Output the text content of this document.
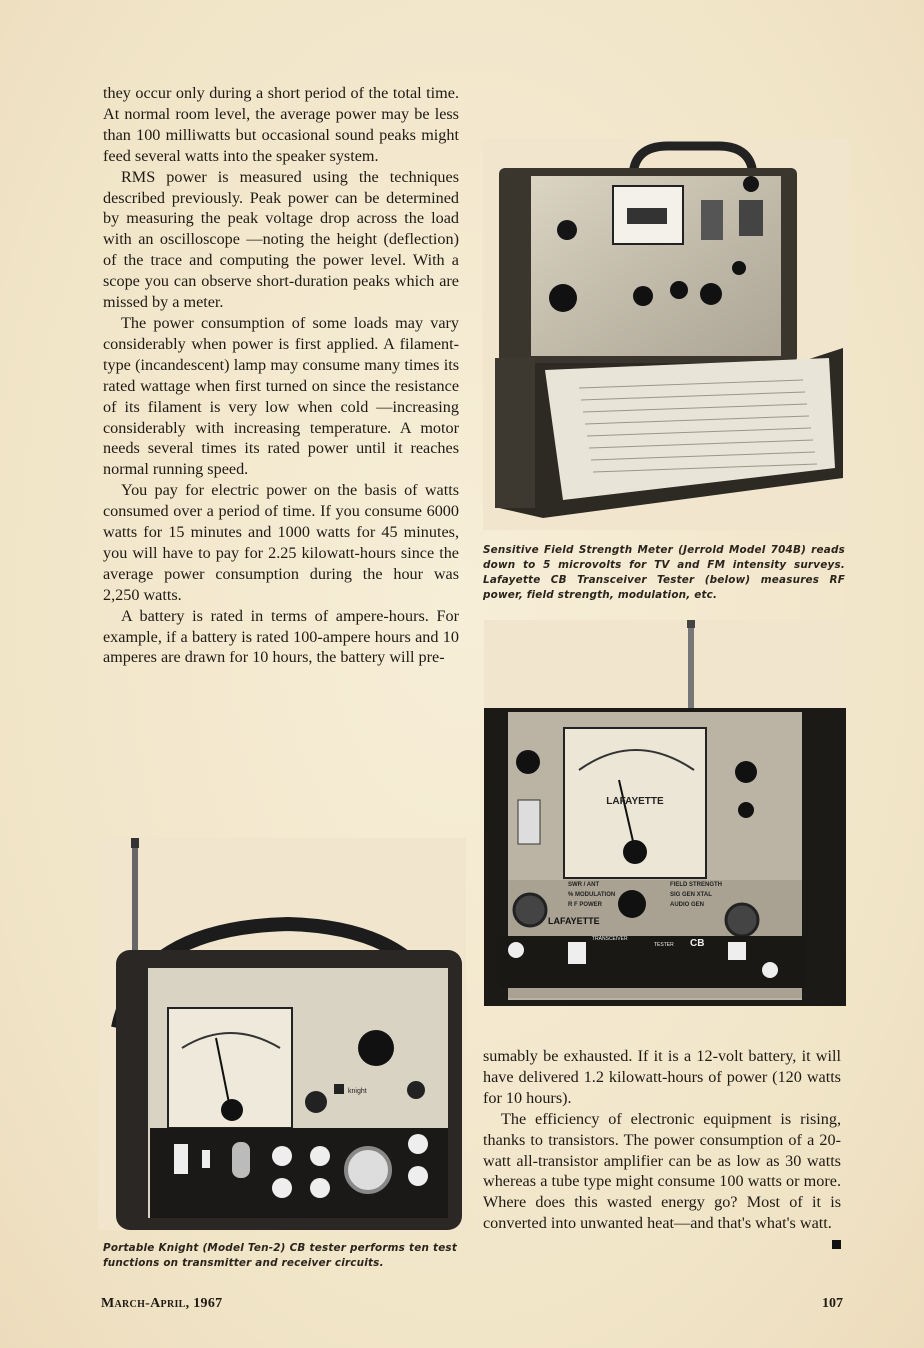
they occur only during a short period of the total time. At normal room level, the average power may be less than 100 milliwatts but occasional sound peaks might feed several watts into the speaker system.

RMS power is measured using the techniques described previously. Peak power can be determined by measuring the peak voltage drop across the load with an oscilloscope —noting the height (deflection) of the trace and computing the power level. With a scope you can observe short-duration peaks which are missed by a meter.

The power consumption of some loads may vary considerably when power is first applied. A filament-type (incandescent) lamp may consume many times its rated wattage when first turned on since the resistance of its filament is very low when cold —increasing considerably with increasing temperature. A motor needs several times its rated power until it reaches normal running speed.

You pay for electric power on the basis of watts consumed over a period of time. If you consume 6000 watts for 15 minutes and 1000 watts for 45 minutes, you will have to pay for 2.25 kilowatt-hours since the average power consumption during the hour was 2,250 watts.

A battery is rated in terms of ampere-hours. For example, if a battery is rated 100-ampere hours and 10 amperes are drawn for 10 hours, the battery will pre-

Sensitive Field Strength Meter (Jerrold Model 704B) reads down to 5 microvolts for TV and FM intensity surveys. Lafayette CB Transceiver Tester (below) measures RF power, field strength, modulation, etc.
LAFAYETTE
SWR / ANT
% MODULATION
R F POWER
FIELD STRENGTH
SIG GEN XTAL
AUDIO GEN
LAFAYETTE
TRANSCEIVER
TESTER CB
knight
Portable Knight (Model Ten-2) CB tester performs ten test functions on transmitter and receiver circuits.

sumably be exhausted. If it is a 12-volt battery, it will have delivered 1.2 kilowatt-hours of power (120 watts for 10 hours).

The efficiency of electronic equipment is rising, thanks to transistors. The power consumption of a 20-watt all-transistor amplifier can be as low as 30 watts whereas a tube type might consume 100 watts or more. Where does this wasted energy go? Most of it is converted into unwanted heat—and that's what's watt.

March-April, 1967	107
